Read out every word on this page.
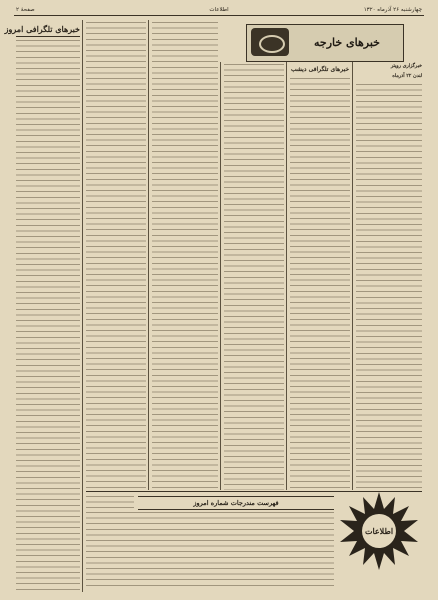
صفحهٔ ۲	اطلاعات	چهارشنبه ۲۶ آذرماه ۱۳۲۰
خبرهای تلگرافی امروز
خبرهای خارجه
خبرهای تلگرافی دیشب	خبرگزاری رویتر
لندن ۲۲ آذرماه
فهرست مندرجات شماره امروز
اطلاعات
